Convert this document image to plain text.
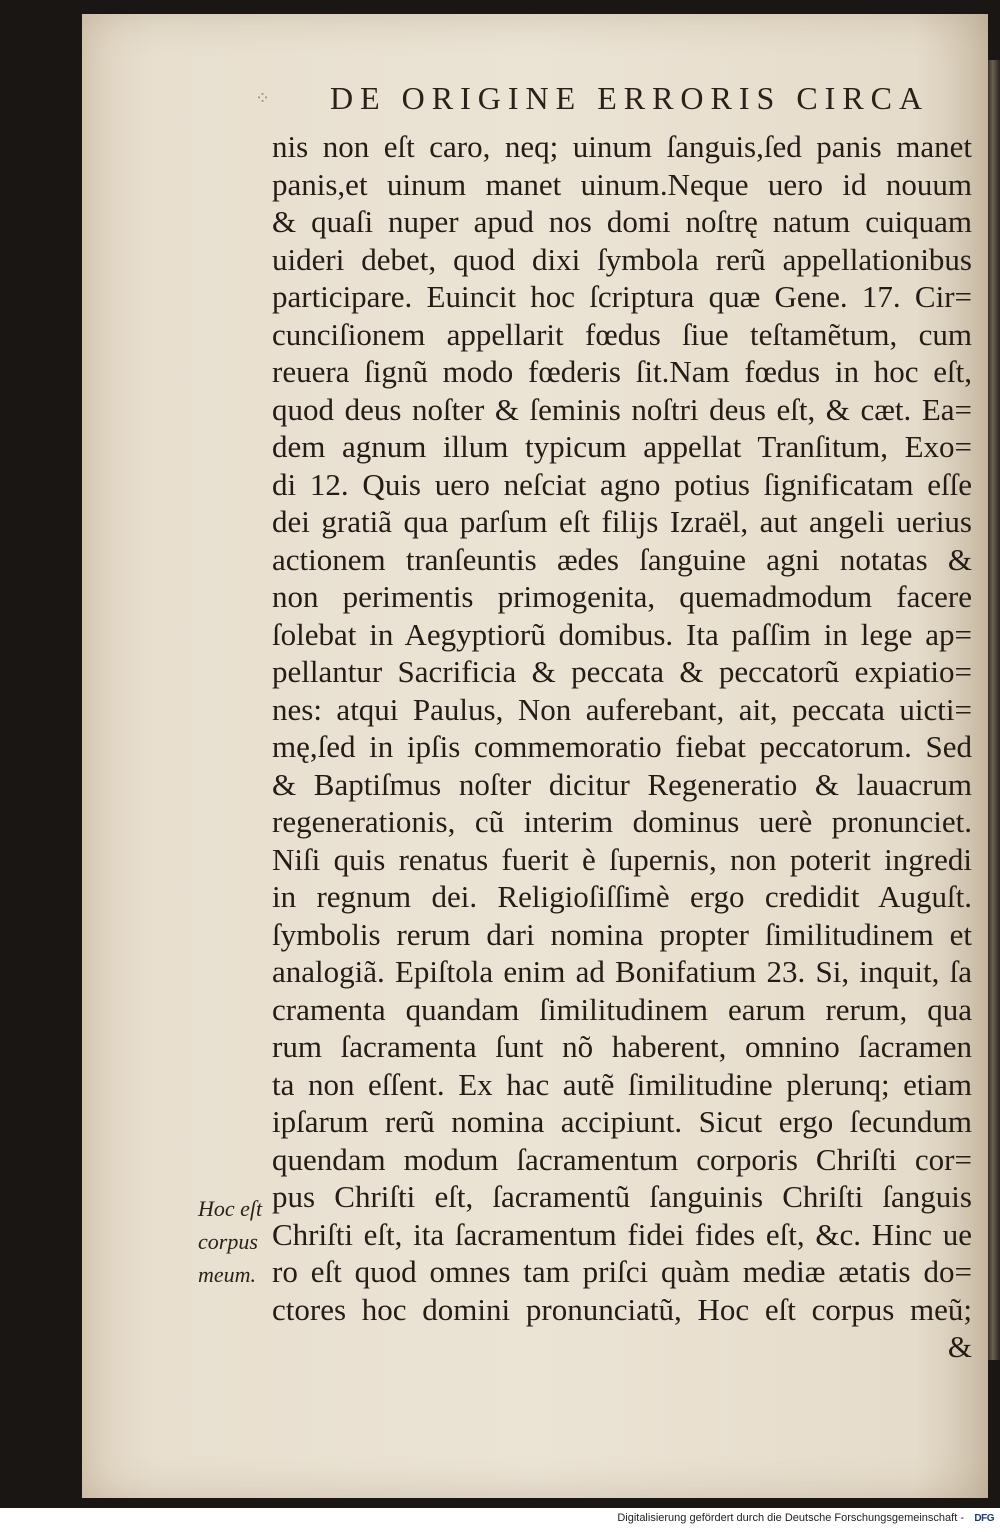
⁘ DE ORIGINE ERRORIS CIRCA
nis non eſt caro, neq; uinum ſanguis,ſed panis manet
panis,et uinum manet uinum.Neque uero id nouum
& quaſi nuper apud nos domi noſtrę natum cuiquam
uideri debet, quod dixi ſymbola rerũ appellationibus
participare. Euincit hoc ſcriptura quæ Gene. 17. Cir=
cunciſionem appellarit fœdus ſiue teſtamẽtum, cum
reuera ſignũ modo fœderis ſit.Nam fœdus in hoc eſt,
quod deus noſter & ſeminis noſtri deus eſt, & cæt. Ea=
dem agnum illum typicum appellat Tranſitum, Exo=
di 12. Quis uero neſciat agno potius ſignificatam eſſe
dei gratiã qua parſum eſt filijs Izraël, aut angeli uerius
actionem tranſeuntis ædes ſanguine agni notatas &
non perimentis primogenita, quemadmodum facere
ſolebat in Aegyptiorũ domibus. Ita paſſim in lege ap=
pellantur Sacrificia & peccata & peccatorũ expiatio=
nes: atqui Paulus, Non auferebant, ait, peccata uicti=
mę,ſed in ipſis commemoratio fiebat peccatorum. Sed
& Baptiſmus noſter dicitur Regeneratio & lauacrum
regenerationis, cũ interim dominus uerè pronunciet.
Niſi quis renatus fuerit è ſupernis, non poterit ingredi
in regnum dei. Religioſiſſimè ergo credidit Auguſt.
ſymbolis rerum dari nomina propter ſimilitudinem et
analogiã. Epiſtola enim ad Bonifatium 23. Si, inquit, ſa
cramenta quandam ſimilitudinem earum rerum, qua
rum ſacramenta ſunt nõ haberent, omnino ſacramen
ta non eſſent. Ex hac autẽ ſimilitudine plerunq; etiam
ipſarum rerũ nomina accipiunt. Sicut ergo ſecundum
quendam modum ſacramentum corporis Chriſti cor=
pus Chriſti eſt, ſacramentũ ſanguinis Chriſti ſanguis
Chriſti eſt, ita ſacramentum fidei fides eſt, &c. Hinc ue
ro eſt quod omnes tam priſci quàm mediæ ætatis do=
ctores hoc domini pronunciatũ, Hoc eſt corpus meũ;
&
Hoc eſt
corpus
meum.
Digitalisierung gefördert durch die Deutsche Forschungsgemeinschaft - DFG
